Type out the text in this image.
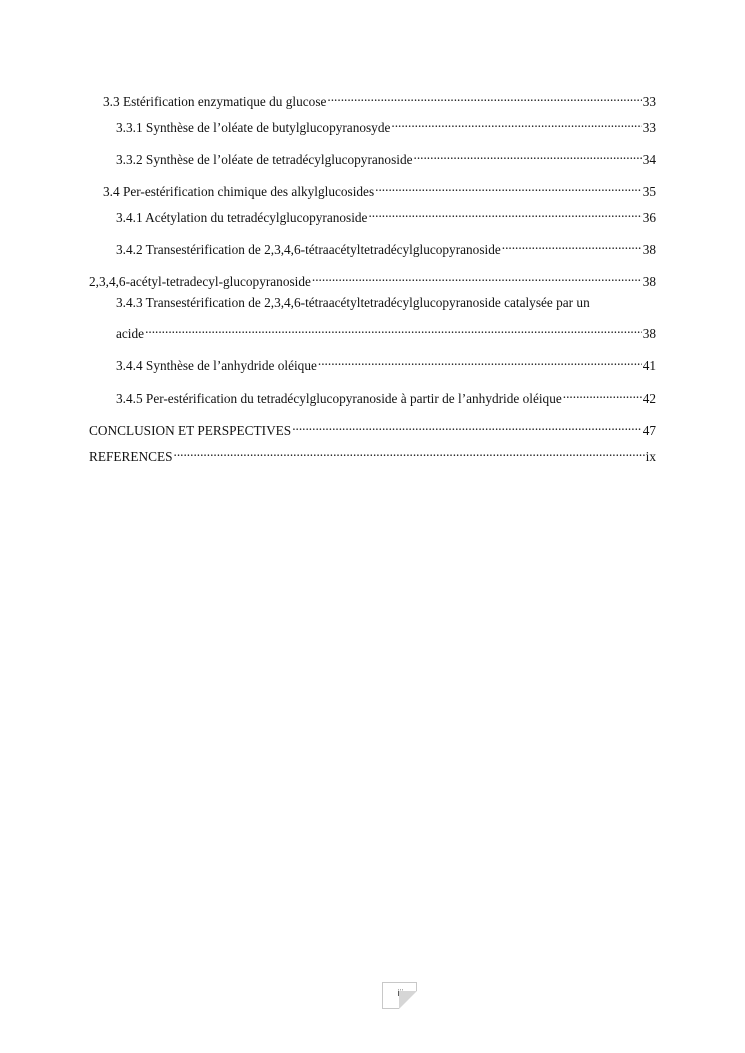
3.3 Estérification enzymatique du glucose .....	33
3.3.1 Synthèse de l’oléate de butylglucopyranosyde .....	33
3.3.2 Synthèse de l’oléate de tetradécylglucopyranoside .....	34
3.4 Per-estérification chimique des alkylglucosides .....	35
3.4.1 Acétylation du tetradécylglucopyranoside .....	36
3.4.2 Transestérification de 2,3,4,6-tétraacétyltetradécylglucopyranoside .....	38
2,3,4,6-acétyl-tetradecyl-glucopyranoside .....	38
3.4.3 Transestérification de 2,3,4,6-tétraacétyltetradécylglucopyranoside catalysée par un
acide .....	38
3.4.4 Synthèse de l’anhydride oléique .....	41
3.4.5 Per-estérification du tetradécylglucopyranoside à partir de l’anhydride oléique .....	42
CONCLUSION ET PERSPECTIVES .....	47
REFERENCES .....	ix
iii
